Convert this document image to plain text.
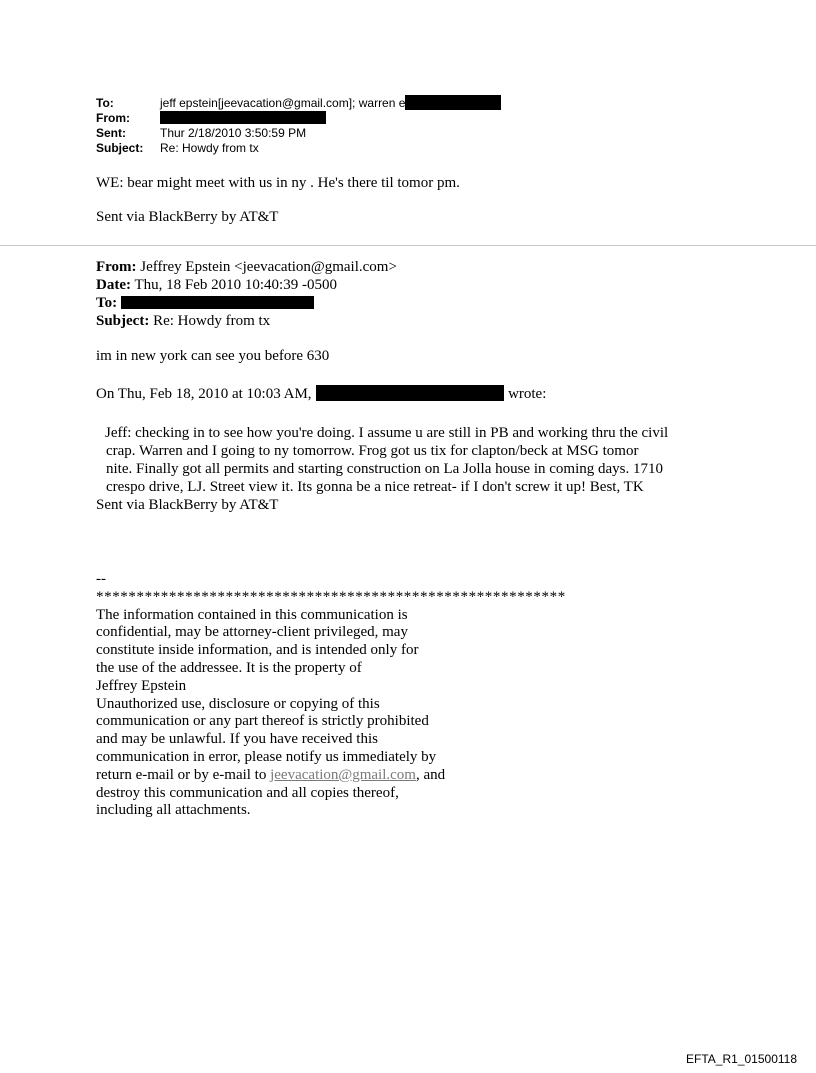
To:	jeff epstein[jeevacation@gmail.com]; warren e
From:
Sent:	Thur 2/18/2010 3:50:59 PM
Subject: Re: Howdy from tx
WE: bear might meet with us in ny . He's there til tomor pm.
Sent via BlackBerry by AT&T
From: Jeffrey Epstein <jeevacation@gmail.com>
Date: Thu, 18 Feb 2010 10:40:39 -0500
To:
Subject: Re: Howdy from tx
im in new york can see you before 630
On Thu, Feb 18, 2010 at 10:03 AM,	wrote:
Jeff: checking in to see how you're doing. I assume u are still in PB and working thru the civil
crap. Warren and I going to ny tomorrow. Frog got us tix for clapton/beck at MSG tomor
nite. Finally got all permits and starting construction on La Jolla house in coming days. 1710
crespo drive, LJ. Street view it. Its gonna be a nice retreat- if I don't screw it up! Best, TK
Sent via BlackBerry by AT&T
--
**********************************************************
The information contained in this communication is
confidential, may be attorney-client privileged, may
constitute inside information, and is intended only for
the use of the addressee. It is the property of
Jeffrey Epstein
Unauthorized use, disclosure or copying of this
communication or any part thereof is strictly prohibited
and may be unlawful. If you have received this
communication in error, please notify us immediately by
return e-mail or by e-mail to jeevacation@gmail.com, and
destroy this communication and all copies thereof,
including all attachments.
EFTA_R1_01500118
